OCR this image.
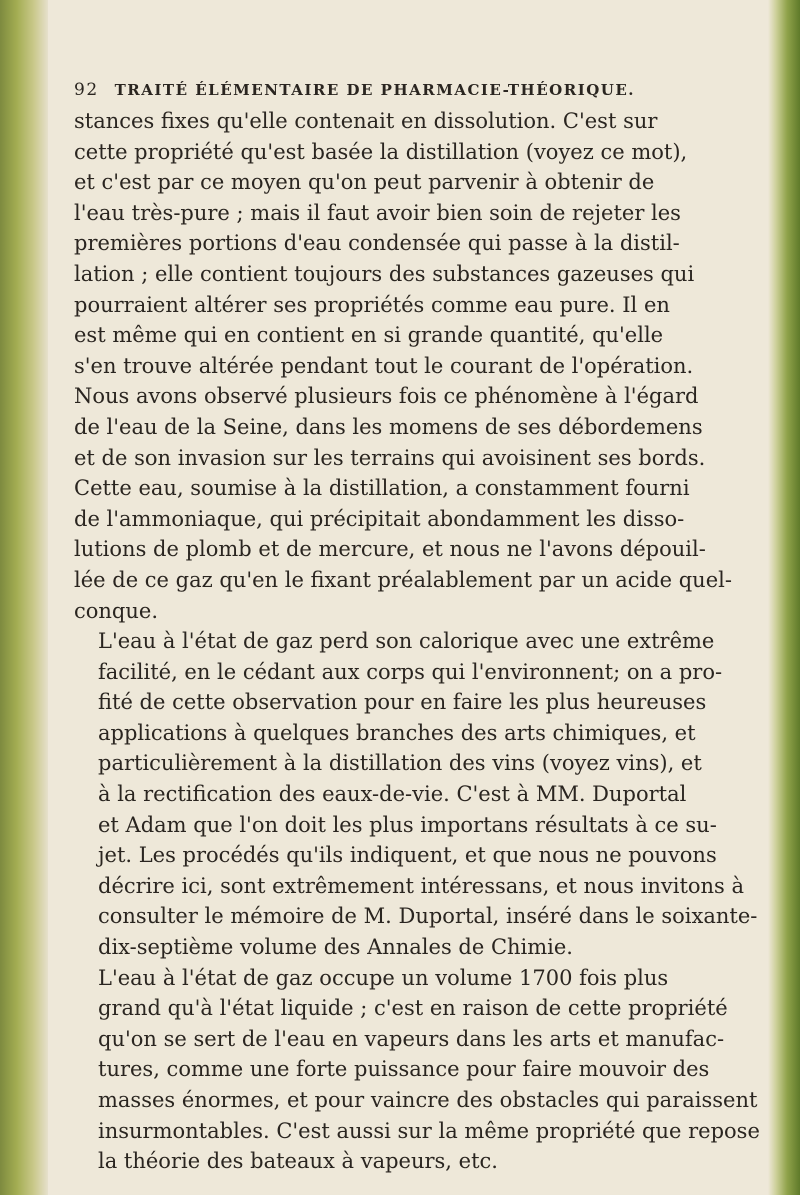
92 TRAITÉ ÉLÉMENTAIRE DE PHARMACIE-THÉORIQUE.

stances fixes qu'elle contenait en dissolution. C'est sur
cette propriété qu'est basée la distillation (voyez ce mot),
et c'est par ce moyen qu'on peut parvenir à obtenir de
l'eau très-pure ; mais il faut avoir bien soin de rejeter les
premières portions d'eau condensée qui passe à la distil-
lation ; elle contient toujours des substances gazeuses qui
pourraient altérer ses propriétés comme eau pure. Il en
est même qui en contient en si grande quantité, qu'elle
s'en trouve altérée pendant tout le courant de l'opération.
Nous avons observé plusieurs fois ce phénomène à l'égard
de l'eau de la Seine, dans les momens de ses débordemens
et de son invasion sur les terrains qui avoisinent ses bords.
Cette eau, soumise à la distillation, a constamment fourni
de l'ammoniaque, qui précipitait abondamment les disso-
lutions de plomb et de mercure, et nous ne l'avons dépouil-
lée de ce gaz qu'en le fixant préalablement par un acide quel-
conque.

L'eau à l'état de gaz perd son calorique avec une extrême
facilité, en le cédant aux corps qui l'environnent; on a pro-
fité de cette observation pour en faire les plus heureuses
applications à quelques branches des arts chimiques, et
particulièrement à la distillation des vins (voyez vins), et
à la rectification des eaux-de-vie. C'est à MM. Duportal
et Adam que l'on doit les plus importans résultats à ce su-
jet. Les procédés qu'ils indiquent, et que nous ne pouvons
décrire ici, sont extrêmement intéressans, et nous invitons à
consulter le mémoire de M. Duportal, inséré dans le soixante-
dix-septième volume des Annales de Chimie.

L'eau à l'état de gaz occupe un volume 1700 fois plus
grand qu'à l'état liquide ; c'est en raison de cette propriété
qu'on se sert de l'eau en vapeurs dans les arts et manufac-
tures, comme une forte puissance pour faire mouvoir des
masses énormes, et pour vaincre des obstacles qui paraissent
insurmontables. C'est aussi sur la même propriété que repose
la théorie des bateaux à vapeurs, etc.
